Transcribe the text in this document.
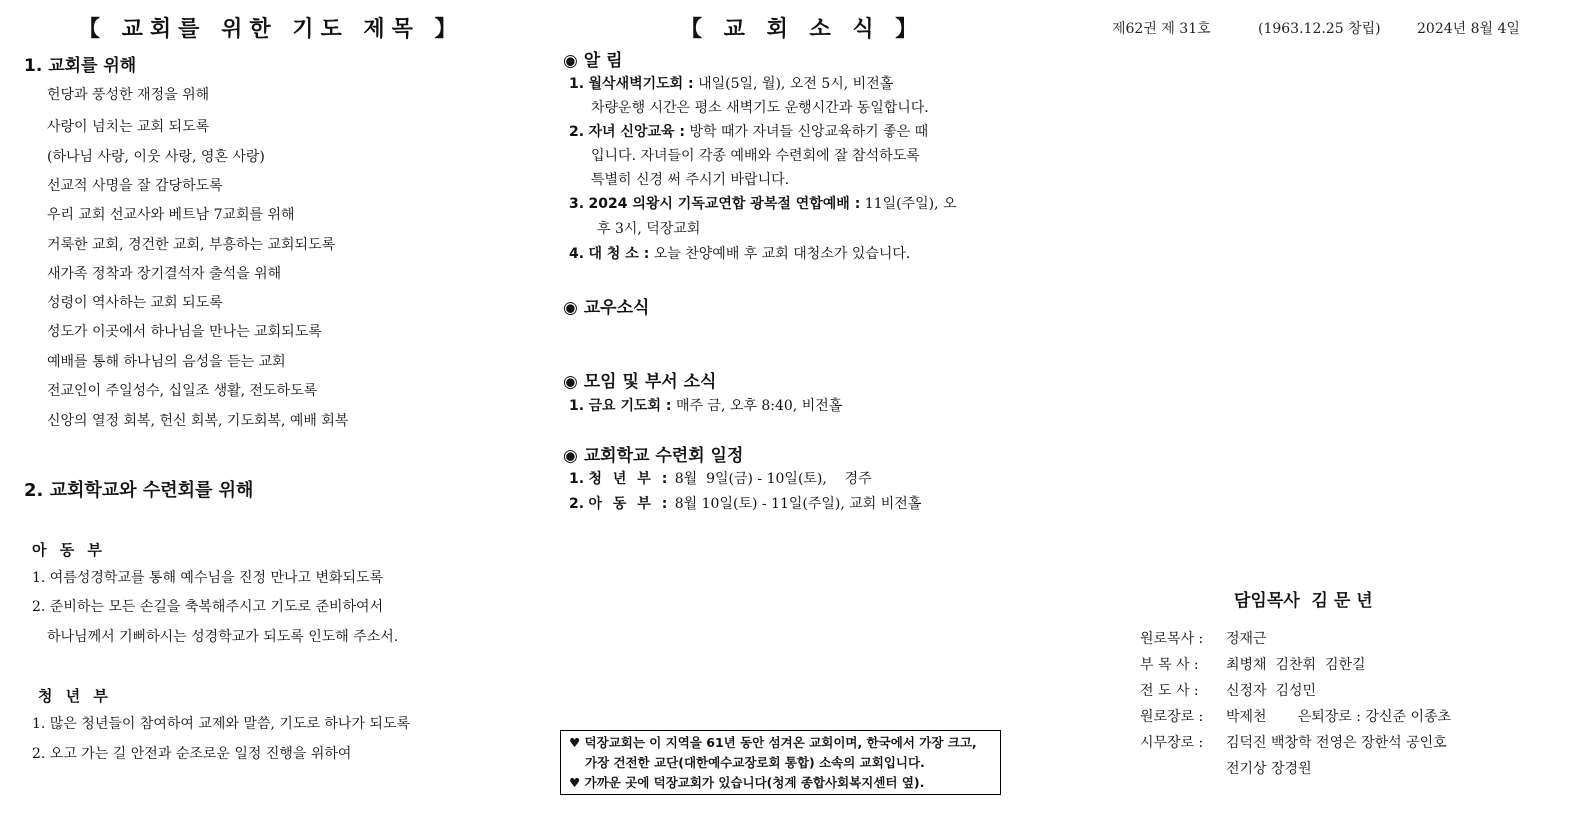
【 교회를 위한 기도 제목 】
1. 교회를 위해
헌당과 풍성한 재정을 위해
사랑이 넘치는 교회 되도록
(하나님 사랑, 이웃 사랑, 영혼 사랑)
선교적 사명을 잘 감당하도록
우리 교회 선교사와 베트남 7교회를 위해
거룩한 교회, 경건한 교회, 부흥하는 교회되도록
새가족 정착과 장기결석자 출석을 위해
성령이 역사하는 교회 되도록
성도가 이곳에서 하나님을 만나는 교회되도록
예배를 통해 하나님의 음성을 듣는 교회
전교인이 주일성수, 십일조 생활, 전도하도록
신앙의 열정 회복, 헌신 회복, 기도회복, 예배 회복
2. 교회학교와 수련회를 위해
아 동 부
1. 여름성경학교를 통해 예수님을 진정 만나고 변화되도록
2. 준비하는 모든 손길을 축복해주시고 기도로 준비하여서
하나님께서 기뻐하시는 성경학교가 되도록 인도해 주소서.
청 년 부
1. 많은 청년들이 참여하여 교제와 말씀, 기도로 하나가 되도록
2. 오고 가는 길 안전과 순조로운 일정 진행을 위하여
【 교 회 소 식 】
◉ 알 림
1. 월삭새벽기도회 : 내일(5일, 월), 오전 5시, 비전홀
차량운행 시간은 평소 새벽기도 운행시간과 동일합니다.
2. 자녀 신앙교육 : 방학 때가 자녀들 신앙교육하기 좋은 때
입니다. 자녀들이 각종 예배와 수련회에 잘 참석하도록
특별히 신경 써 주시기 바랍니다.
3. 2024 의왕시 기독교연합 광복절 연합예배 : 11일(주일), 오
후 3시, 덕장교회
4. 대 청 소 : 오늘 찬양예배 후 교회 대청소가 있습니다.
◉ 교우소식
◉ 모임 및 부서 소식
1. 금요 기도회 : 매주 금, 오후 8:40, 비전홀
◉ 교회학교 수련회 일정
1. 청 년 부 : 8월  9일(금) - 10일(토),    경주
2. 아 동 부 : 8월 10일(토) - 11일(주일), 교회 비전홀
♥ 덕장교회는 이 지역을 61년 동안 섬겨온 교회이며, 한국에서 가장 크고,
가장 건전한 교단(대한예수교장로회 통합) 소속의 교회입니다.
♥ 가까운 곳에 덕장교회가 있습니다(청계 종합사회복지센터 옆).
제62권 제 31호	(1963.12.25 창립)	2024년 8월 4일
담임목사  김 문 년
원로목사 : 정재근
부 목 사 : 최병채  김찬휘  김한길
전 도 사 : 신정자  김성민
원로장로 : 박제천       은퇴장로 : 강신준 이종초
시무장로 : 김덕진 백창학 전영은 장한석 공인호
전기상 장경원
